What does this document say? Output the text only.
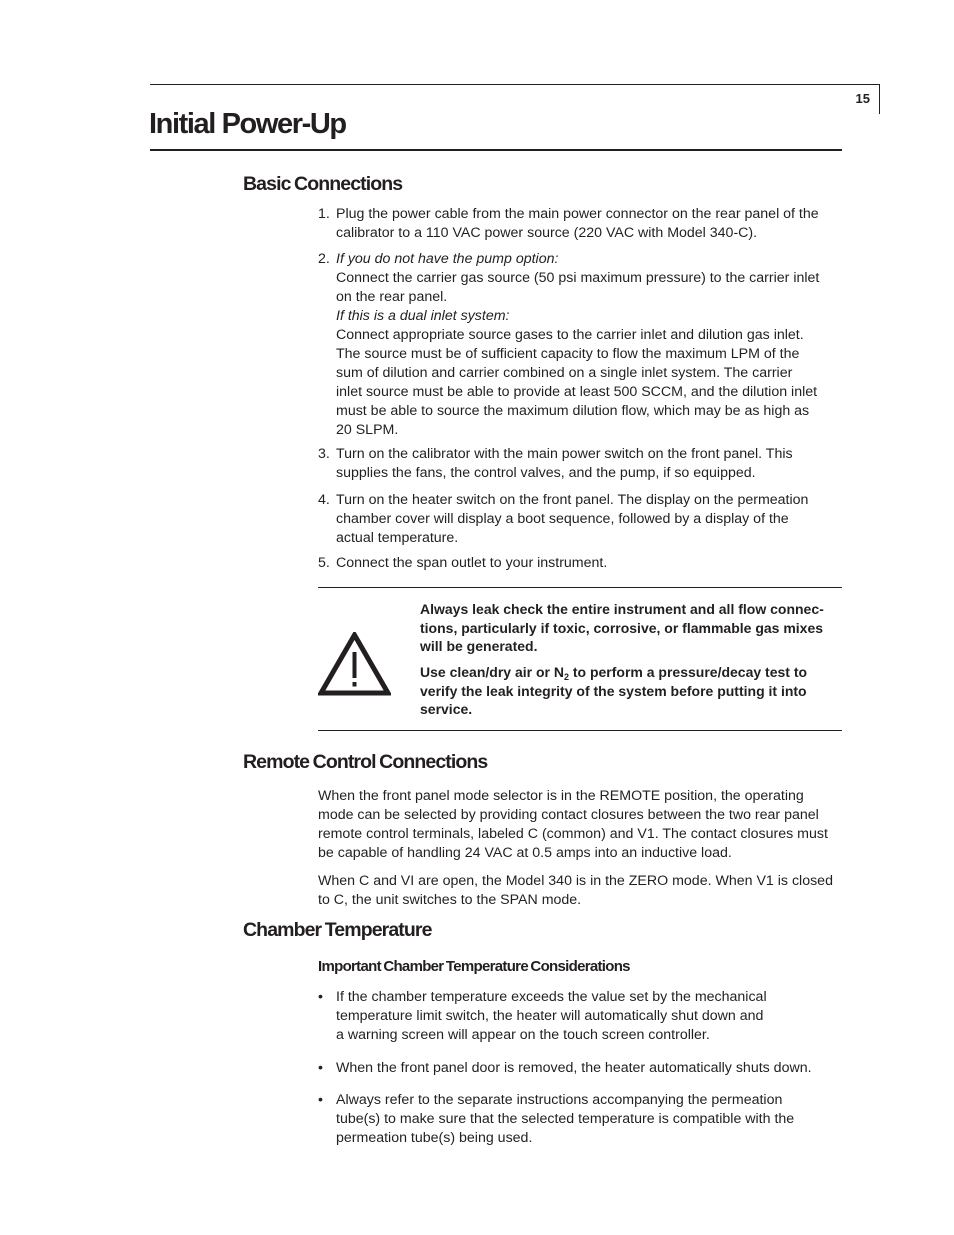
15
Initial Power-Up
Basic Connections
1. Plug the power cable from the main power connector on the rear panel of the
calibrator to a 110 VAC power source (220 VAC with Model 340-C).
2. If you do not have the pump option:
Connect the carrier gas source (50 psi maximum pressure) to the carrier inlet
on the rear panel.
If this is a dual inlet system:
Connect appropriate source gases to the carrier inlet and dilution gas inlet.
The source must be of sufficient capacity to flow the maximum LPM of the
sum of dilution and carrier combined on a single inlet system. The carrier
inlet source must be able to provide at least 500 SCCM, and the dilution inlet
must be able to source the maximum dilution flow, which may be as high as
20 SLPM.
3. Turn on the calibrator with the main power switch on the front panel. This
supplies the fans, the control valves, and the pump, if so equipped.
4. Turn on the heater switch on the front panel. The display on the permeation
chamber cover will display a boot sequence, followed by a display of the
actual temperature.
5. Connect the span outlet to your instrument.
Always leak check the entire instrument and all flow connec-
tions, particularly if toxic, corrosive, or flammable gas mixes
will be generated.
Use clean/dry air or $N_2$ to perform a pressure/decay test to
verify the leak integrity of the system before putting it into
service.
Remote Control Connections
When the front panel mode selector is in the REMOTE position, the operating
mode can be selected by providing contact closures between the two rear panel
remote control terminals, labeled C (common) and V1. The contact closures must
be capable of handling 24 VAC at 0.5 amps into an inductive load.
When C and VI are open, the Model 340 is in the ZERO mode. When V1 is closed
to C, the unit switches to the SPAN mode.
Chamber Temperature
Important Chamber Temperature Considerations
• If the chamber temperature exceeds the value set by the mechanical
temperature limit switch, the heater will automatically shut down and
a warning screen will appear on the touch screen controller.
• When the front panel door is removed, the heater automatically shuts down.
• Always refer to the separate instructions accompanying the permeation
tube(s) to make sure that the selected temperature is compatible with the
permeation tube(s) being used.
